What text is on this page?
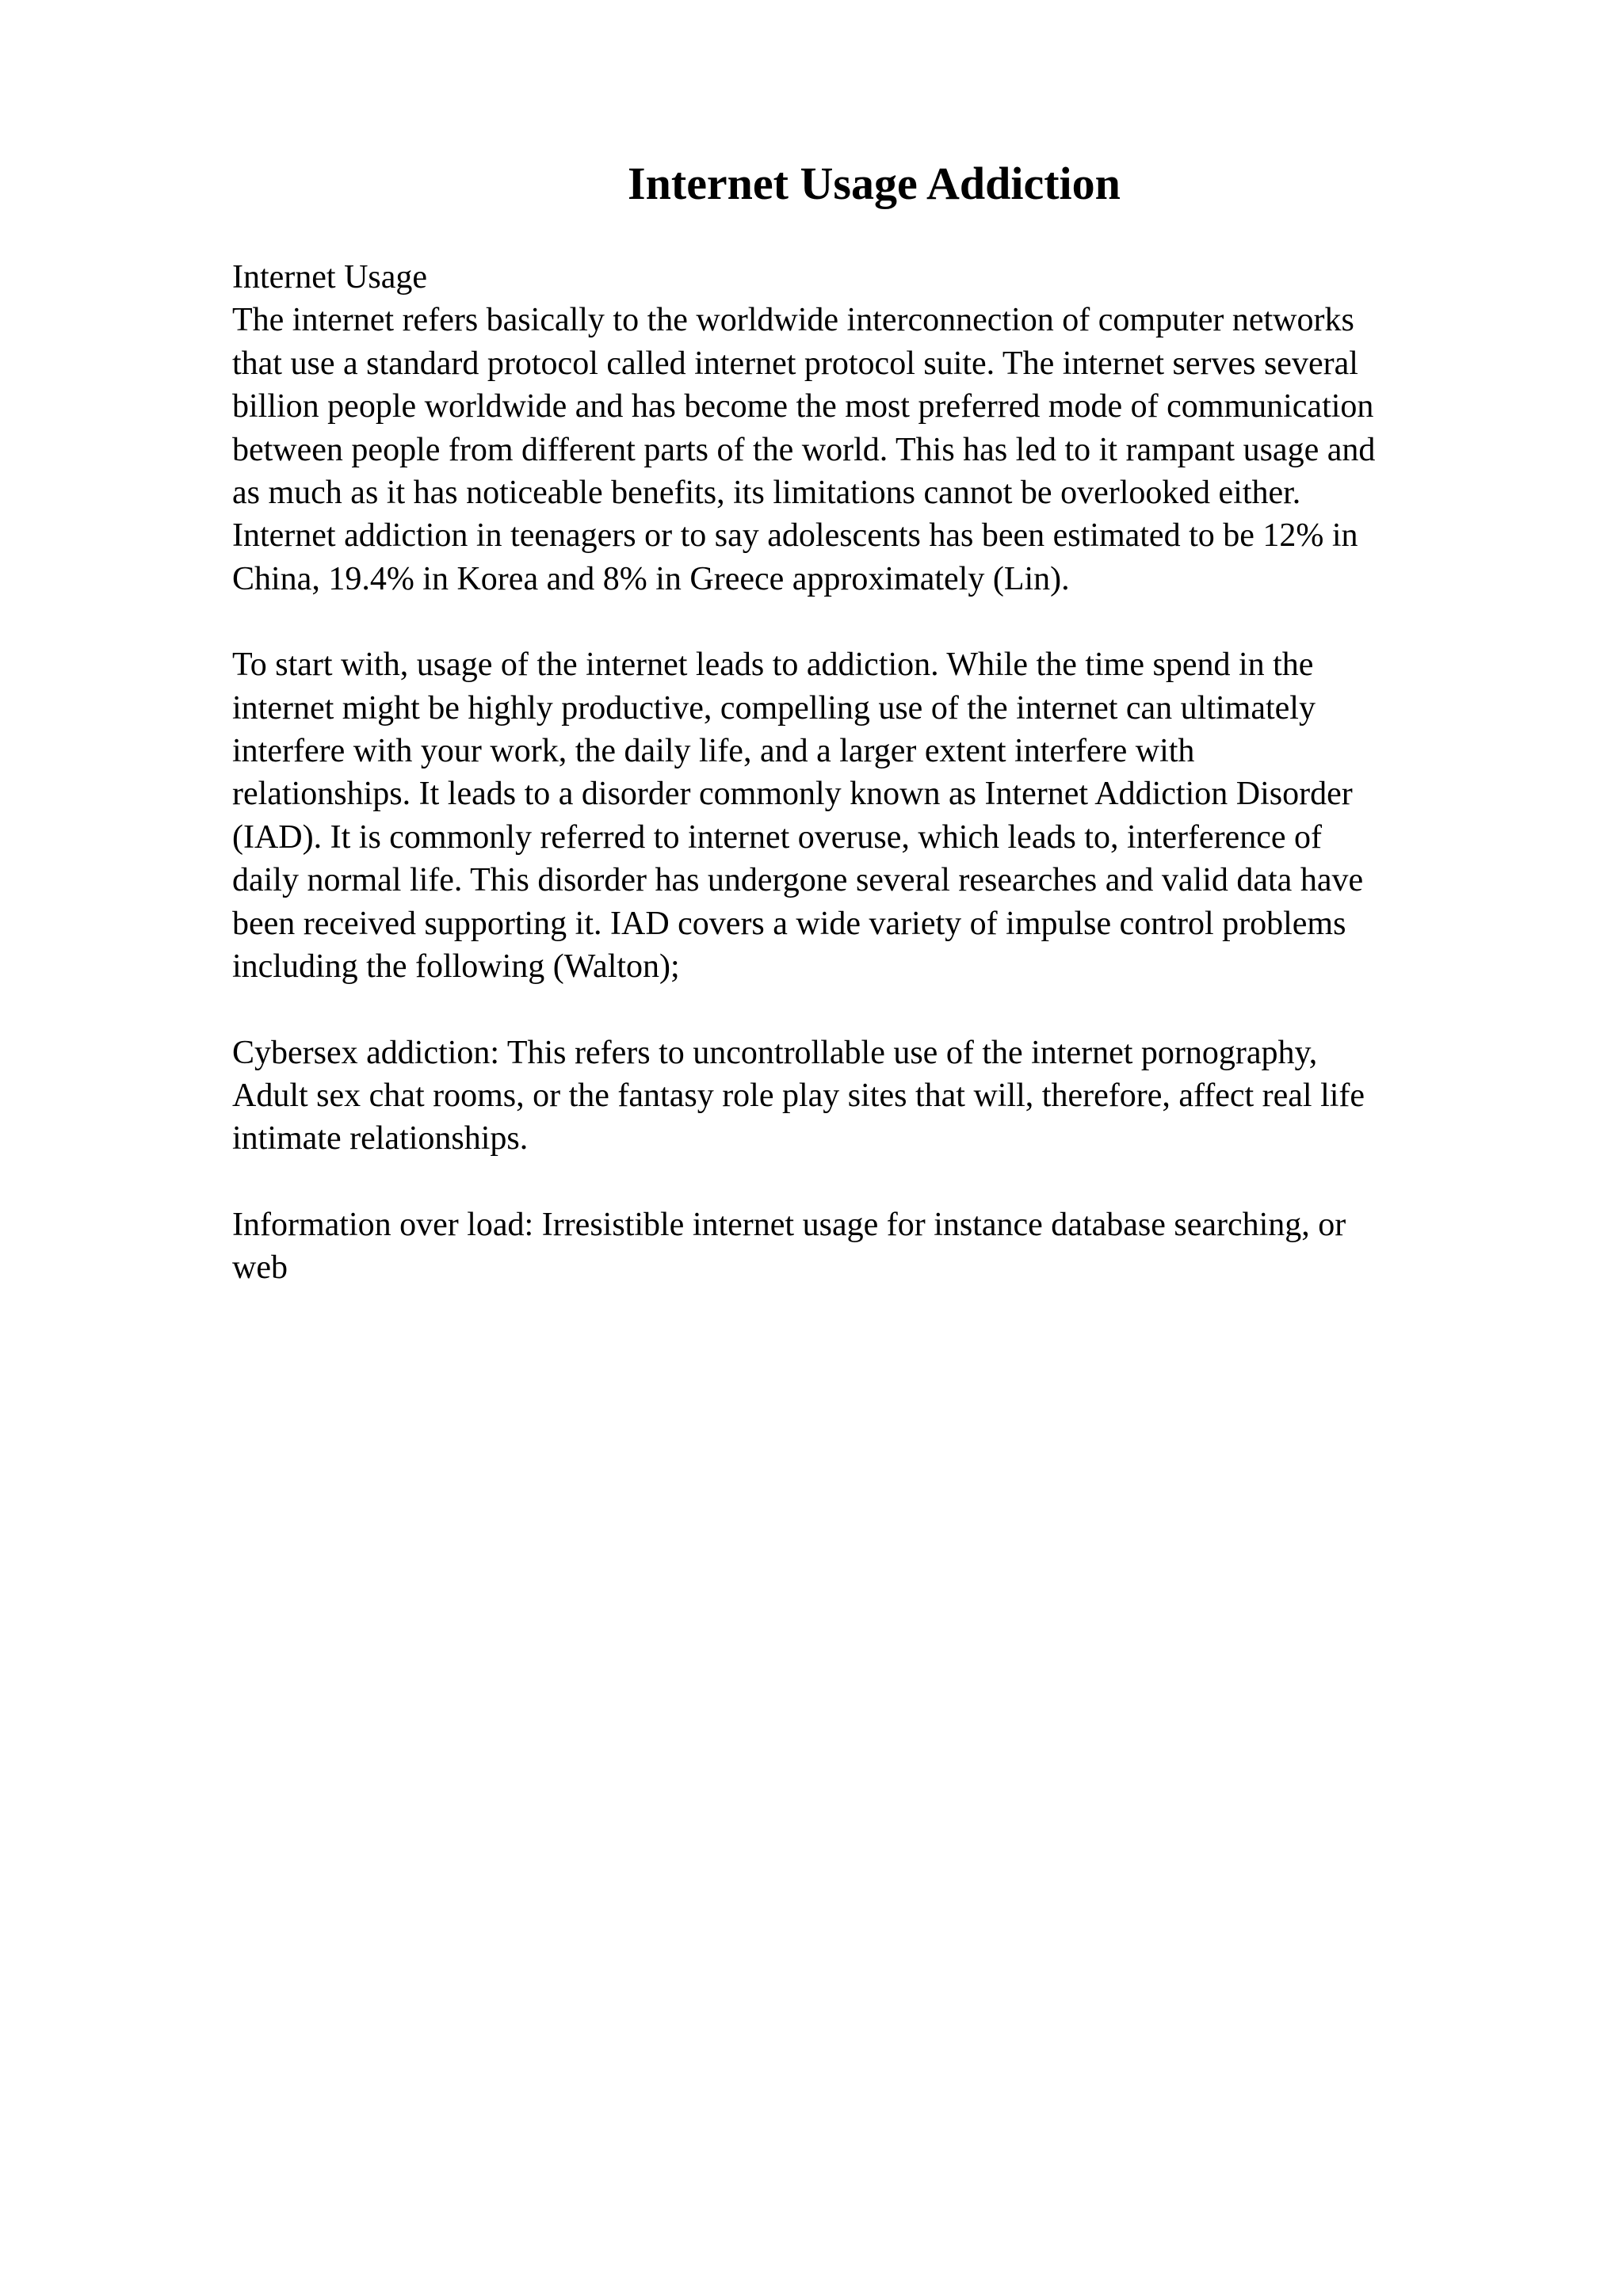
Internet Usage Addiction

Internet Usage
The internet refers basically to the worldwide interconnection of computer networks
that use a standard protocol called internet protocol suite. The internet serves several
billion people worldwide and has become the most preferred mode of communication
between people from different parts of the world. This has led to it rampant usage and
as much as it has noticeable benefits, its limitations cannot be overlooked either.
Internet addiction in teenagers or to say adolescents has been estimated to be 12% in
China, 19.4% in Korea and 8% in Greece approximately (Lin).

To start with, usage of the internet leads to addiction. While the time spend in the
internet might be highly productive, compelling use of the internet can ultimately
interfere with your work, the daily life, and a larger extent interfere with
relationships. It leads to a disorder commonly known as Internet Addiction Disorder
(IAD). It is commonly referred to internet overuse, which leads to, interference of
daily normal life. This disorder has undergone several researches and valid data have
been received supporting it. IAD covers a wide variety of impulse control problems
including the following (Walton);

Cybersex addiction: This refers to uncontrollable use of the internet pornography,
Adult sex chat rooms, or the fantasy role play sites that will, therefore, affect real life
intimate relationships.

Information over load: Irresistible internet usage for instance database searching, or
web
